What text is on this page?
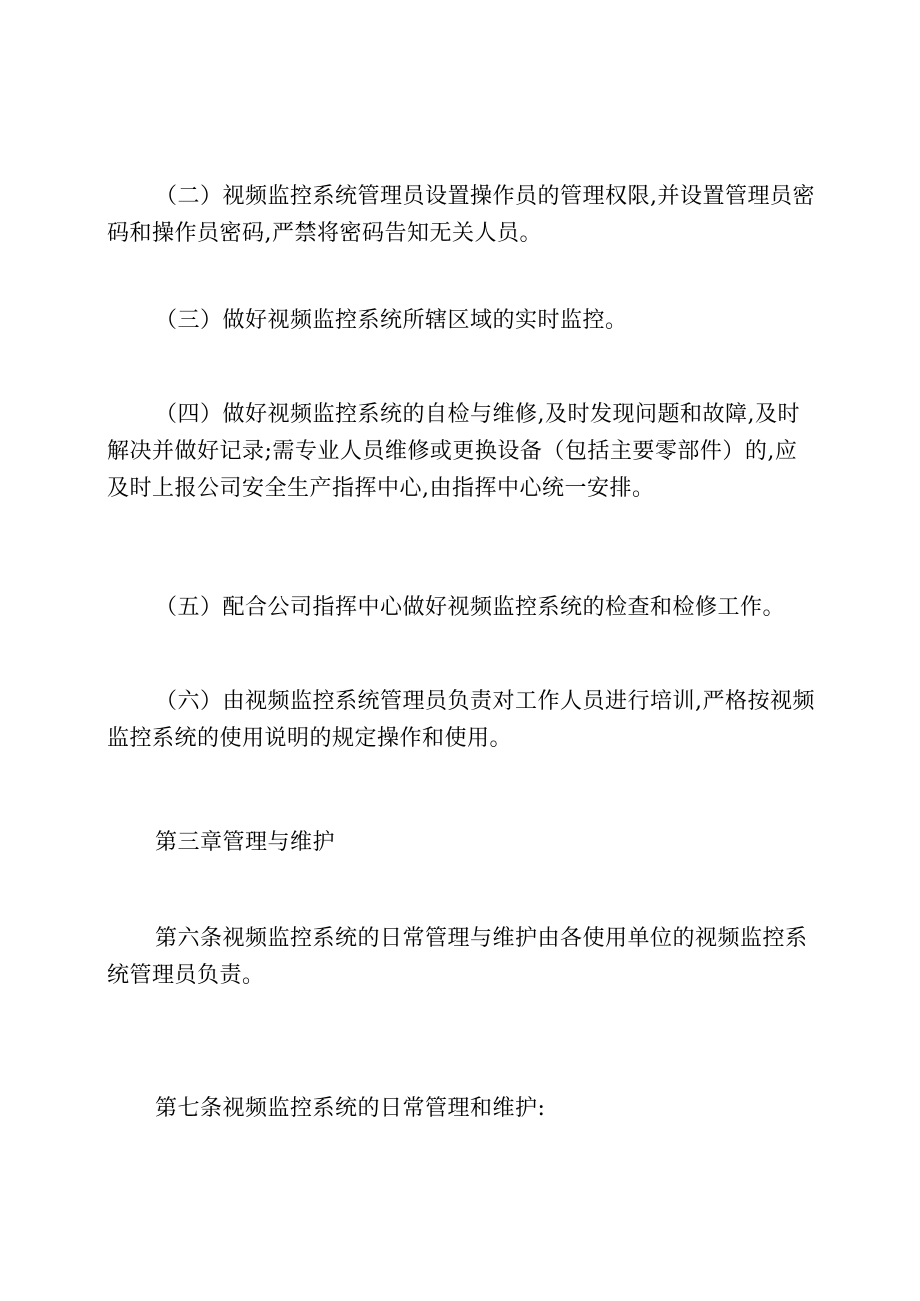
（二）视频监控系统管理员设置操作员的管理权限,并设置管理员密码和操作员密码,严禁将密码告知无关人员。

（三）做好视频监控系统所辖区域的实时监控。

（四）做好视频监控系统的自检与维修,及时发现问题和故障,及时解决并做好记录;需专业人员维修或更换设备（包括主要零部件）的,应及时上报公司安全生产指挥中心,由指挥中心统一安排。

（五）配合公司指挥中心做好视频监控系统的检查和检修工作。

（六）由视频监控系统管理员负责对工作人员进行培训,严格按视频监控系统的使用说明的规定操作和使用。

第三章管理与维护

第六条视频监控系统的日常管理与维护由各使用单位的视频监控系统管理员负责。

第七条视频监控系统的日常管理和维护:
